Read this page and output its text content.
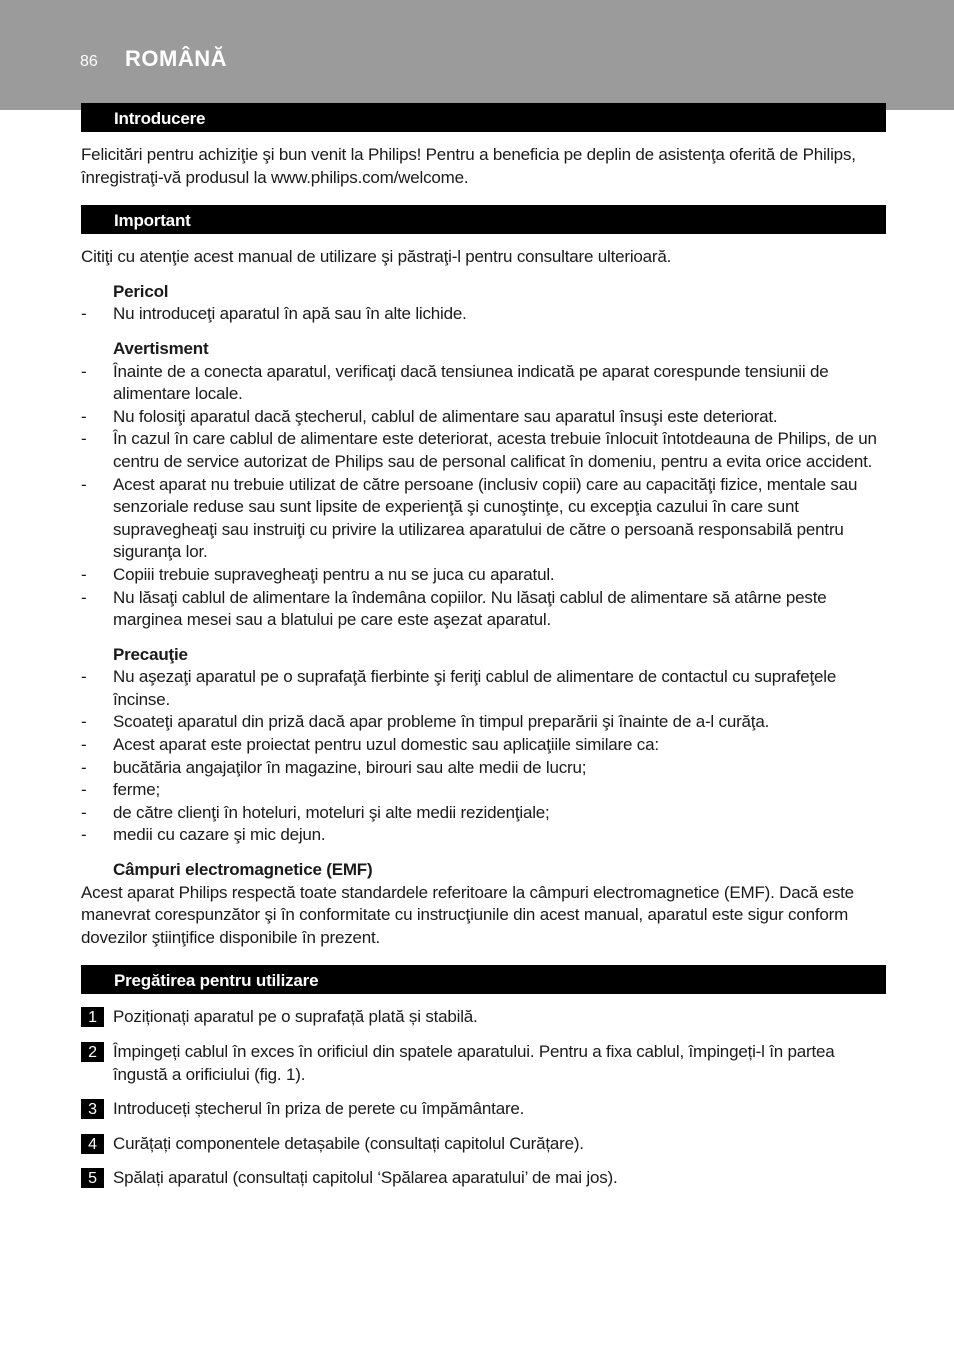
86 ROMÂNĂ
Introducere

Felicitări pentru achiziţie şi bun venit la Philips! Pentru a beneficia pe deplin de asistenţa oferită de Philips, înregistraţi-vă produsul la www.philips.com/welcome.

Important

Citiţi cu atenţie acest manual de utilizare şi păstraţi-l pentru consultare ulterioară.

Pericol
- Nu introduceţi aparatul în apă sau în alte lichide.
Avertisment
- Înainte de a conecta aparatul, verificaţi dacă tensiunea indicată pe aparat corespunde tensiunii de alimentare locale.
- Nu folosiţi aparatul dacă ştecherul, cablul de alimentare sau aparatul însuşi este deteriorat.
- În cazul în care cablul de alimentare este deteriorat, acesta trebuie înlocuit întotdeauna de Philips, de un centru de service autorizat de Philips sau de personal calificat în domeniu, pentru a evita orice accident.
- Acest aparat nu trebuie utilizat de către persoane (inclusiv copii) care au capacităţi fizice, mentale sau senzoriale reduse sau sunt lipsite de experienţă şi cunoştinţe, cu excepţia cazului în care sunt supravegheaţi sau instruiţi cu privire la utilizarea aparatului de către o persoană responsabilă pentru siguranţa lor.
- Copiii trebuie supravegheaţi pentru a nu se juca cu aparatul.
- Nu lăsaţi cablul de alimentare la îndemâna copiilor. Nu lăsaţi cablul de alimentare să atârne peste marginea mesei sau a blatului pe care este aşezat aparatul.
Precauţie
- Nu aşezaţi aparatul pe o suprafaţă fierbinte şi feriţi cablul de alimentare de contactul cu suprafeţele încinse.
- Scoateţi aparatul din priză dacă apar probleme în timpul preparării şi înainte de a-l curăţa.
- Acest aparat este proiectat pentru uzul domestic sau aplicaţiile similare ca:
- bucătăria angajaţilor în magazine, birouri sau alte medii de lucru;
- ferme;
- de către clienţi în hoteluri, moteluri şi alte medii rezidenţiale;
- medii cu cazare şi mic dejun.
Câmpuri electromagnetice (EMF)

Acest aparat Philips respectă toate standardele referitoare la câmpuri electromagnetice (EMF). Dacă este manevrat corespunzător şi în conformitate cu instrucţiunile din acest manual, aparatul este sigur conform dovezilor ştiinţifice disponibile în prezent.

Pregătirea pentru utilizare
1 Poziționați aparatul pe o suprafață plată și stabilă.
2 Împingeți cablul în exces în orificiul din spatele aparatului. Pentru a fixa cablul, împingeți-l în partea îngustă a orificiului (fig. 1).
3 Introduceți ștecherul în priza de perete cu împământare.
4 Curățați componentele detașabile (consultați capitolul Curățare).
5 Spălați aparatul (consultați capitolul ‘Spălarea aparatului’ de mai jos).
